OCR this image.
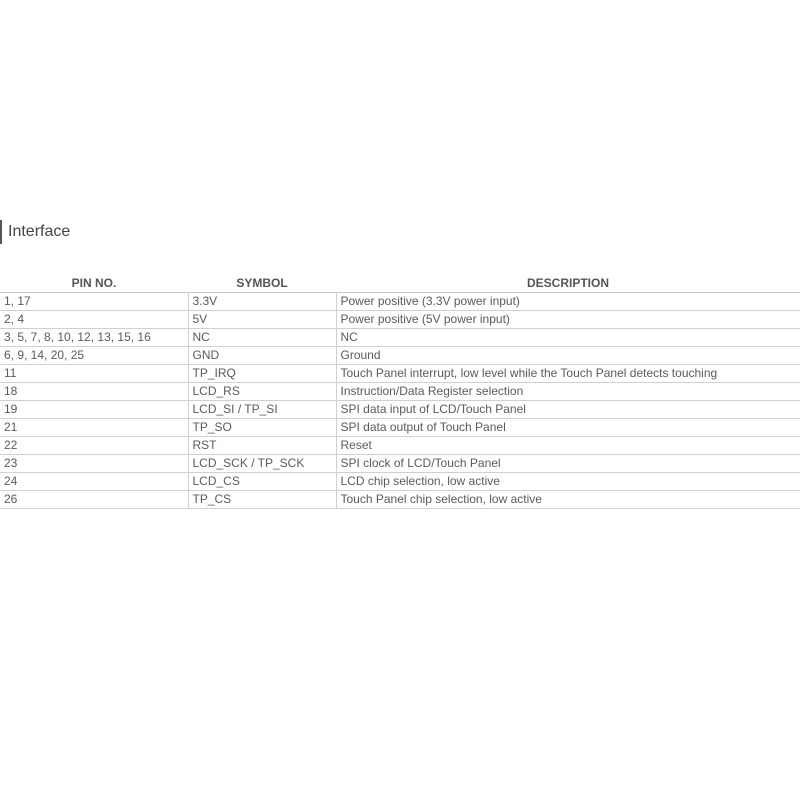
Interface
PIN NO.	SYMBOL	DESCRIPTION
1, 17	3.3V	Power positive (3.3V power input)
2, 4	5V	Power positive (5V power input)
3, 5, 7, 8, 10, 12, 13, 15, 16	NC	NC
6, 9, 14, 20, 25	GND	Ground
11	TP_IRQ	Touch Panel interrupt, low level while the Touch Panel detects touching
18	LCD_RS	Instruction/Data Register selection
19	LCD_SI / TP_SI	SPI data input of LCD/Touch Panel
21	TP_SO	SPI data output of Touch Panel
22	RST	Reset
23	LCD_SCK / TP_SCK	SPI clock of LCD/Touch Panel
24	LCD_CS	LCD chip selection, low active
26	TP_CS	Touch Panel chip selection, low active
